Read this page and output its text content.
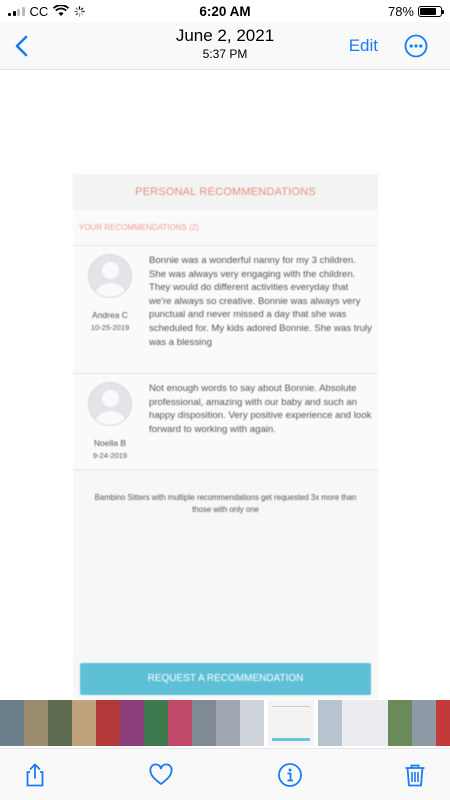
CC	6:20 AM	78%
June 2, 2021
5:37 PM	Edit
PERSONAL RECOMMENDATIONS
YOUR RECOMMENDATIONS (2)
Andrea C
10-25-2019
Bonnie was a wonderful nanny for my 3 children. She was always very engaging with the children. They would do different activities everyday that we're always so creative. Bonnie was always very punctual and never missed a day that she was scheduled for. My kids adored Bonnie. She was truly was a blessing
Noella B
9-24-2019
Not enough words to say about Bonnie. Absolute professional, amazing with our baby and such an happy disposition. Very positive experience and look forward to working with again.
Bambino Sitters with multiple recommendations get requested 3x more than those with only one
REQUEST A RECOMMENDATION
